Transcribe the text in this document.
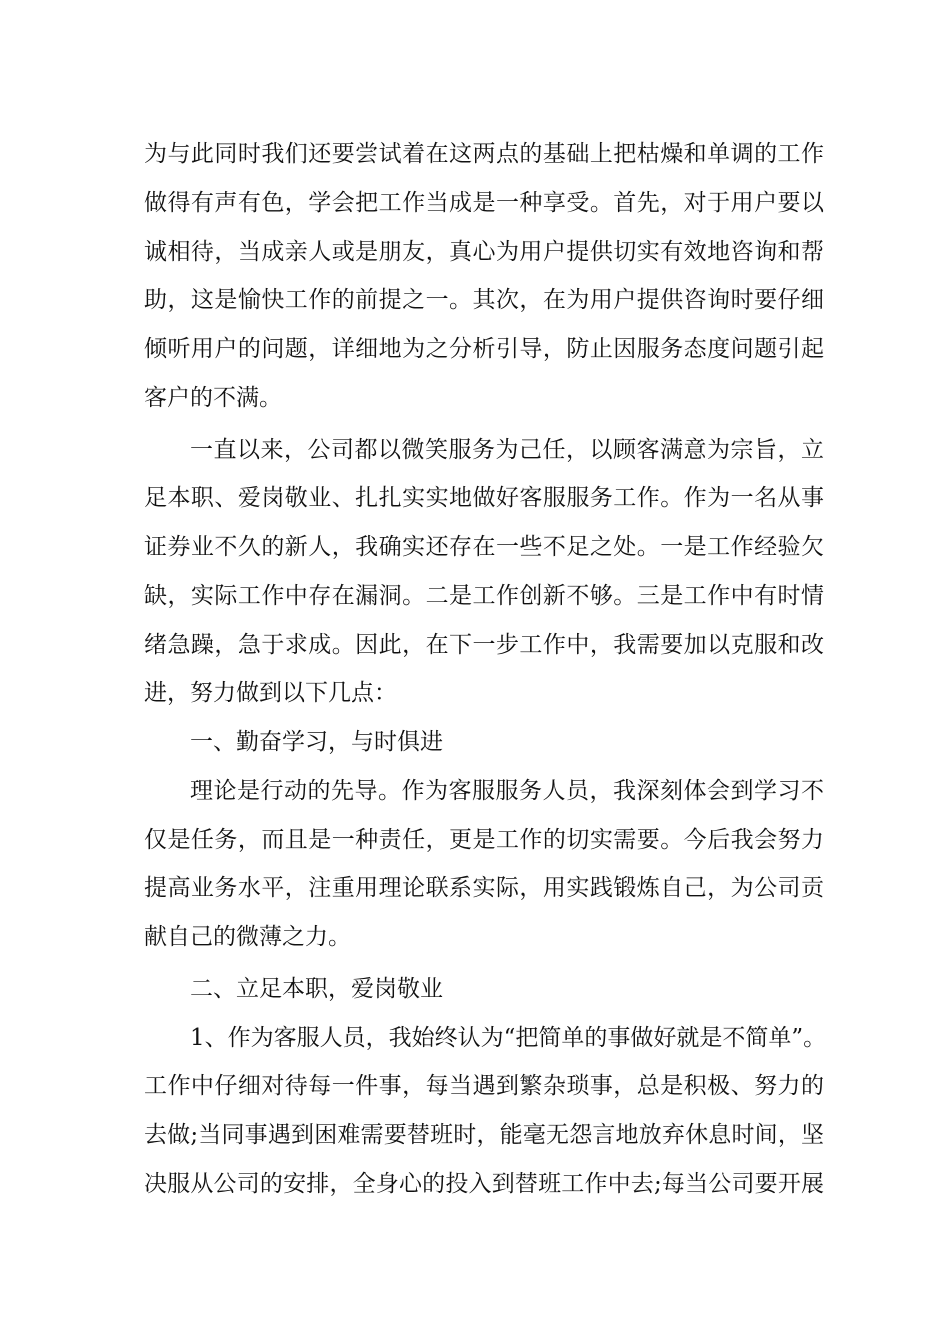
为与此同时我们还要尝试着在这两点的基础上把枯燥和单调的工作
做得有声有色，学会把工作当成是一种享受。首先，对于用户要以
诚相待，当成亲人或是朋友，真心为用户提供切实有效地咨询和帮
助，这是愉快工作的前提之一。其次，在为用户提供咨询时要仔细
倾听用户的问题，详细地为之分析引导，防止因服务态度问题引起
客户的不满。
一直以来，公司都以微笑服务为己任，以顾客满意为宗旨，立
足本职、爱岗敬业、扎扎实实地做好客服服务工作。作为一名从事
证券业不久的新人，我确实还存在一些不足之处。一是工作经验欠
缺，实际工作中存在漏洞。二是工作创新不够。三是工作中有时情
绪急躁，急于求成。因此，在下一步工作中，我需要加以克服和改
进，努力做到以下几点：
一、勤奋学习，与时俱进
理论是行动的先导。作为客服服务人员，我深刻体会到学习不
仅是任务，而且是一种责任，更是工作的切实需要。今后我会努力
提高业务水平，注重用理论联系实际，用实践锻炼自己，为公司贡
献自己的微薄之力。
二、立足本职，爱岗敬业
1、作为客服人员，我始终认为“把简单的事做好就是不简单”。
工作中仔细对待每一件事，每当遇到繁杂琐事，总是积极、努力的
去做;当同事遇到困难需要替班时，能毫无怨言地放弃休息时间，坚
决服从公司的安排，全身心的投入到替班工作中去;每当公司要开展
